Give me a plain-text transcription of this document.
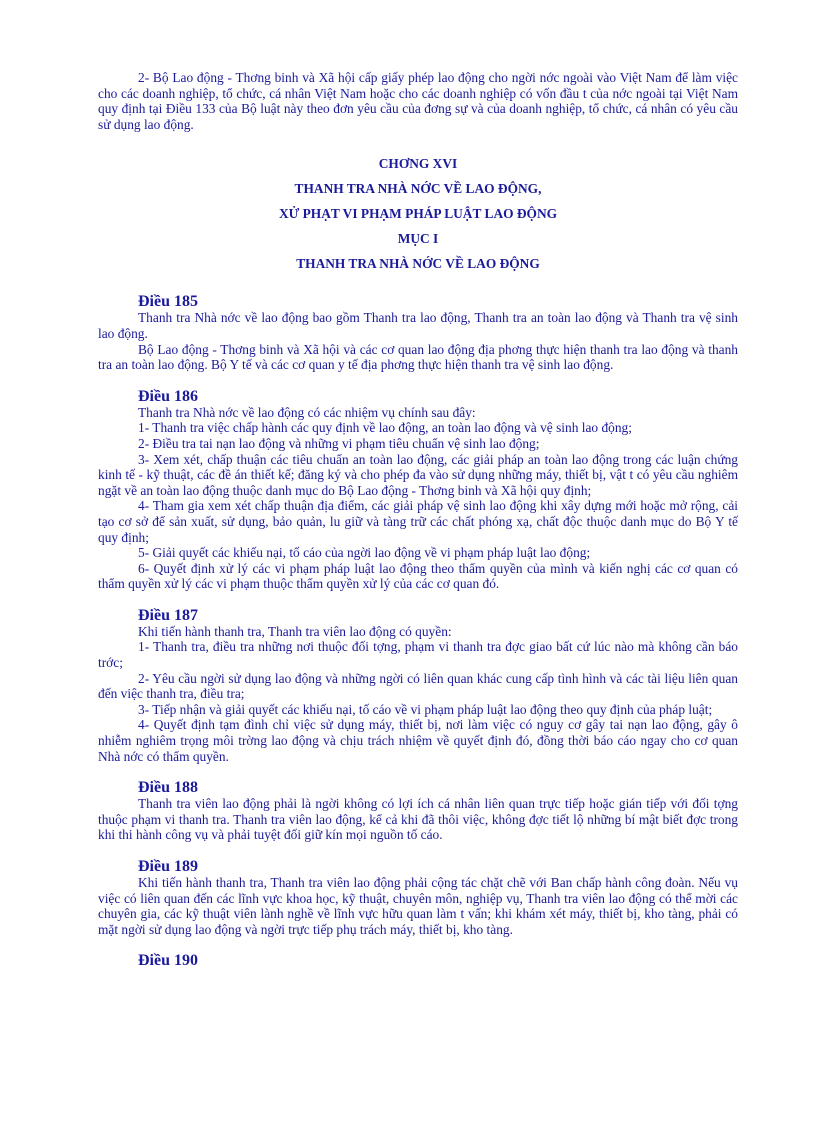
2- Bộ Lao động - Thơng binh và Xã hội cấp giấy phép lao động cho ngời nớc ngoài vào Việt Nam để làm việc cho các doanh nghiệp, tổ chức, cá nhân Việt Nam hoặc cho các doanh nghiệp có vốn đầu t của nớc ngoài tại Việt Nam quy định tại Điều 133 của Bộ luật này theo đơn yêu cầu của đơng sự và của doanh nghiệp, tổ chức, cá nhân có yêu cầu sử dụng lao động.

CHƠNG XVI

THANH TRA NHÀ NỚC VỀ LAO ĐỘNG,

XỬ PHẠT VI PHẠM PHÁP LUẬT LAO ĐỘNG

MỤC I

THANH TRA NHÀ NỚC VỀ LAO ĐỘNG

Điều 185

Thanh tra Nhà nớc về lao động bao gồm Thanh tra lao động, Thanh tra an toàn lao động và Thanh tra vệ sinh lao động.

Bộ Lao động - Thơng binh và Xã hội và các cơ quan lao động địa phơng thực hiện thanh tra lao động và thanh tra an toàn lao động. Bộ Y tế và các cơ quan y tế địa phơng thực hiện thanh tra vệ sinh lao động.

Điều 186

Thanh tra Nhà nớc về lao động có các nhiệm vụ chính sau đây:

1- Thanh tra việc chấp hành các quy định về lao động, an toàn lao động và vệ sinh lao động;

2- Điều tra tai nạn lao động và những vi phạm tiêu chuẩn vệ sinh lao động;

3- Xem xét, chấp thuận các tiêu chuẩn an toàn lao động, các giải pháp an toàn lao động trong các luận chứng kinh tế - kỹ thuật, các đề án thiết kế; đăng ký và cho phép đa vào sử dụng những máy, thiết bị, vật t có yêu cầu nghiêm ngặt về an toàn lao động thuộc danh mục do Bộ Lao động - Thơng binh và Xã hội quy định;

4- Tham gia xem xét chấp thuận địa điểm, các giải pháp vệ sinh lao động khi xây dựng mới hoặc mở rộng, cải tạo cơ sở để sản xuất, sử dụng, bảo quản, lu giữ và tàng trữ các chất phóng xạ, chất độc thuộc danh mục do Bộ Y tế quy định;

5- Giải quyết các khiếu nại, tố cáo của ngời lao động về vi phạm pháp luật lao động;

6- Quyết định xử lý các vi phạm pháp luật lao động theo thẩm quyền của mình và kiến nghị các cơ quan có thẩm quyền xử lý các vi phạm thuộc thẩm quyền xử lý của các cơ quan đó.

Điều 187

Khi tiến hành thanh tra, Thanh tra viên lao động có quyền:

1- Thanh tra, điều tra những nơi thuộc đối tợng, phạm vi thanh tra đợc giao bất cứ lúc nào mà không cần báo trớc;

2- Yêu cầu ngời sử dụng lao động và những ngời có liên quan khác cung cấp tình hình và các tài liệu liên quan đến việc thanh tra, điều tra;

3- Tiếp nhận và giải quyết các khiếu nại, tố cáo về vi phạm pháp luật lao động theo quy định của pháp luật;

4- Quyết định tạm đình chỉ việc sử dụng máy, thiết bị, nơi làm việc có nguy cơ gây tai nạn lao động, gây ô nhiễm nghiêm trọng môi trờng lao động và chịu trách nhiệm về quyết định đó, đồng thời báo cáo ngay cho cơ quan Nhà nớc có thẩm quyền.

Điều 188

Thanh tra viên lao động phải là ngời không có lợi ích cá nhân liên quan trực tiếp hoặc gián tiếp với đối tợng thuộc phạm vi thanh tra. Thanh tra viên lao động, kể cả khi đã thôi việc, không đợc tiết lộ những bí mật biết đợc trong khi thi hành công vụ và phải tuyệt đối giữ kín mọi nguồn tố cáo.

Điều 189

Khi tiến hành thanh tra, Thanh tra viên lao động phải cộng tác chặt chẽ với Ban chấp hành công đoàn. Nếu vụ việc có liên quan đến các lĩnh vực khoa học, kỹ thuật, chuyên môn, nghiệp vụ, Thanh tra viên lao động có thể mời các chuyên gia, các kỹ thuật viên lành nghề về lĩnh vực hữu quan làm t vấn; khi khám xét máy, thiết bị, kho tàng, phải có mặt ngời sử dụng lao động và ngời trực tiếp phụ trách máy, thiết bị, kho tàng.

Điều 190
